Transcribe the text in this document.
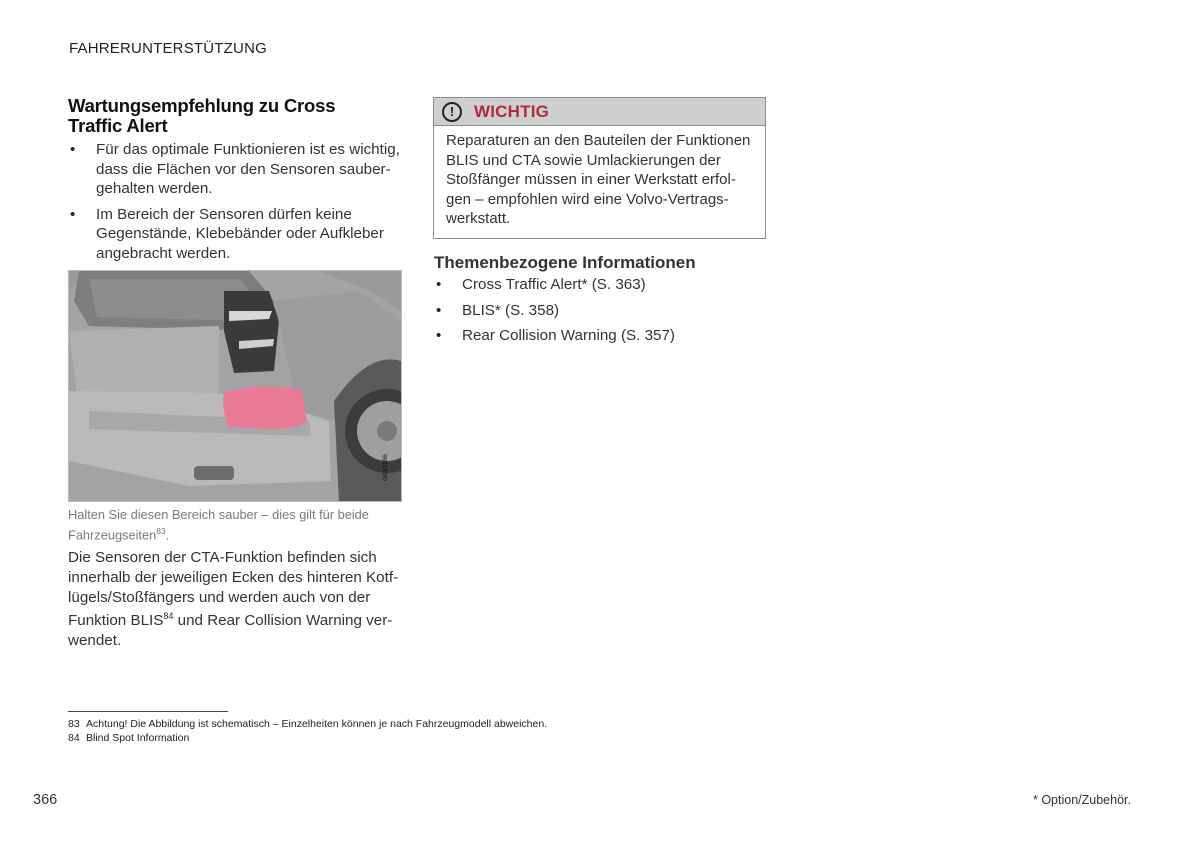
FAHRERUNTERSTÜTZUNG
Wartungsempfehlung zu Cross Traffic Alert
• Für das optimale Funktionieren ist es wichtig, dass die Flächen vor den Sensoren saubergehalten werden.
• Im Bereich der Sensoren dürfen keine Gegenstände, Klebebänder oder Aufkleber angebracht werden.
G053196
Halten Sie diesen Bereich sauber – dies gilt für beide Fahrzeugseiten$^{83}$.
Die Sensoren der CTA-Funktion befinden sich innerhalb der jeweiligen Ecken des hinteren Kotflügels/Stoßfängers und werden auch von der Funktion BLIS$^{84}$ und Rear Collision Warning verwendet.
!	WICHTIG
Reparaturen an den Bauteilen der Funktionen BLIS und CTA sowie Umlackierungen der Stoßfänger müssen in einer Werkstatt erfolgen – empfohlen wird eine Volvo-Vertragswerkstatt.
Themenbezogene Informationen
• Cross Traffic Alert* (S. 363)
• BLIS* (S. 358)
• Rear Collision Warning (S. 357)
83 Achtung! Die Abbildung ist schematisch – Einzelheiten können je nach Fahrzeugmodell abweichen.
84 Blind Spot Information
366	* Option/Zubehör.
